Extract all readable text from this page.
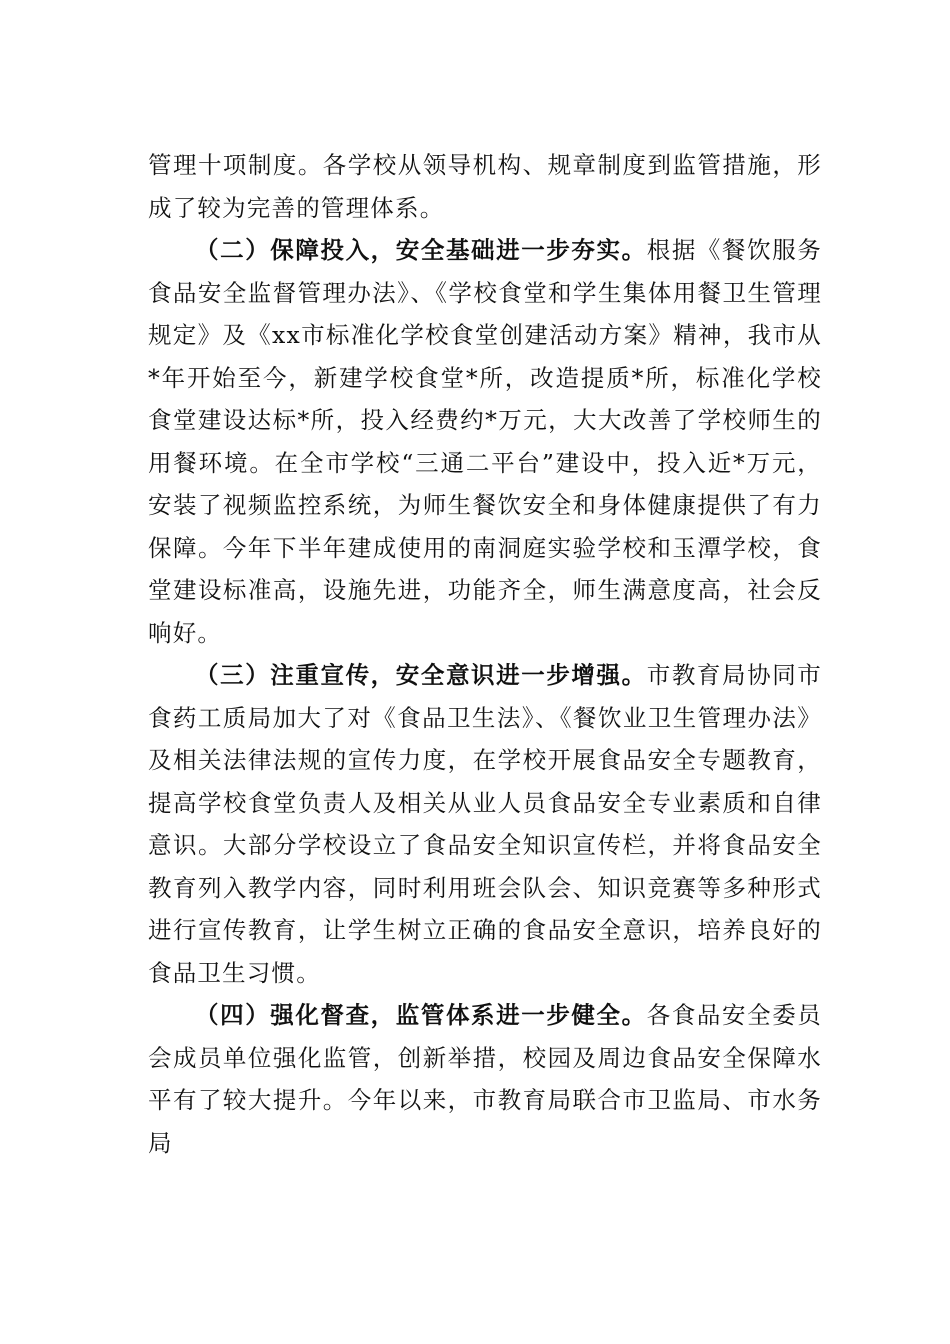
管理十项制度。各学校从领导机构、规章制度到监管措施，形成了较为完善的管理体系。

（二）保障投入，安全基础进一步夯实。根据《餐饮服务食品安全监督管理办法》、《学校食堂和学生集体用餐卫生管理规定》及《xx市标准化学校食堂创建活动方案》精神，我市从*年开始至今，新建学校食堂*所，改造提质*所，标准化学校食堂建设达标*所，投入经费约*万元，大大改善了学校师生的用餐环境。在全市学校“三通二平台”建设中，投入近*万元，安装了视频监控系统，为师生餐饮安全和身体健康提供了有力保障。今年下半年建成使用的南洞庭实验学校和玉潭学校，食堂建设标准高，设施先进，功能齐全，师生满意度高，社会反响好。

（三）注重宣传，安全意识进一步增强。市教育局协同市食药工质局加大了对《食品卫生法》、《餐饮业卫生管理办法》及相关法律法规的宣传力度，在学校开展食品安全专题教育，提高学校食堂负责人及相关从业人员食品安全专业素质和自律意识。大部分学校设立了食品安全知识宣传栏，并将食品安全教育列入教学内容，同时利用班会队会、知识竞赛等多种形式进行宣传教育，让学生树立正确的食品安全意识，培养良好的食品卫生习惯。

（四）强化督查，监管体系进一步健全。各食品安全委员会成员单位强化监管，创新举措，校园及周边食品安全保障水平有了较大提升。今年以来，市教育局联合市卫监局、市水务局
